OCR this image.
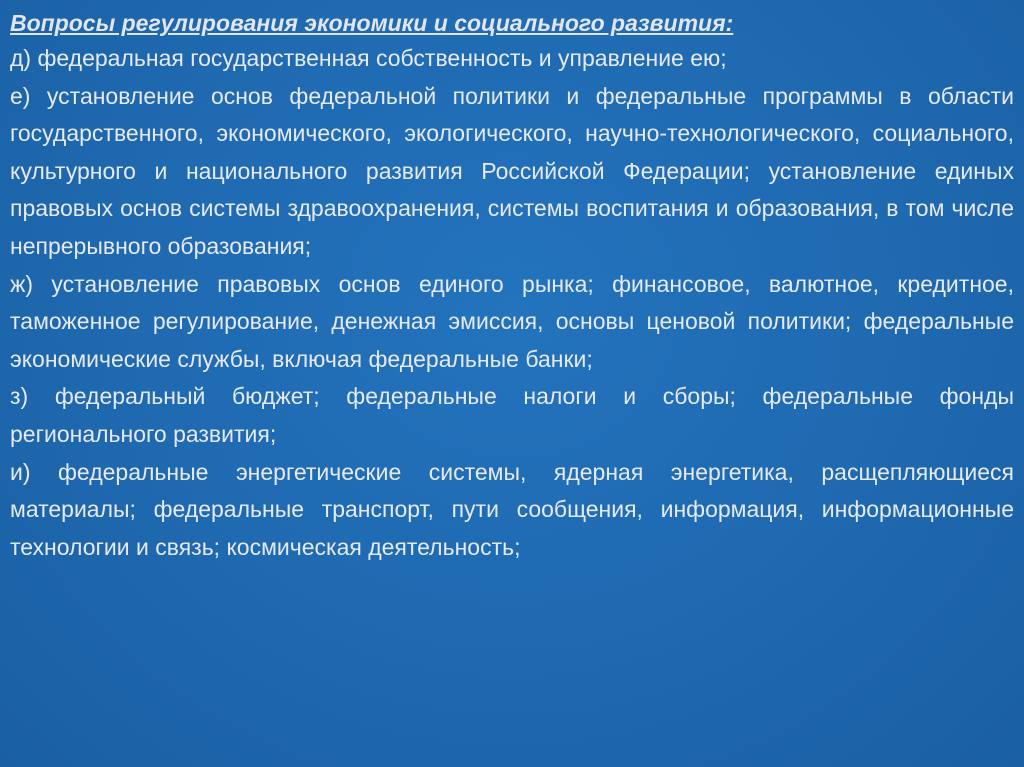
Вопросы регулирования экономики и социального развития:

д) федеральная государственная собственность и управление ею;

е) установление основ федеральной политики и федеральные программы в области государственного, экономического, экологического, научно-технологического, социального, культурного и национального развития Российской Федерации; установление единых правовых основ системы здравоохранения, системы воспитания и образования, в том числе непрерывного образования;

ж) установление правовых основ единого рынка; финансовое, валютное, кредитное, таможенное регулирование, денежная эмиссия, основы ценовой политики; федеральные экономические службы, включая федеральные банки;

з) федеральный бюджет; федеральные налоги и сборы; федеральные фонды регионального развития;

и) федеральные энергетические системы, ядерная энергетика, расщепляющиеся материалы; федеральные транспорт, пути сообщения, информация, информационные технологии и связь; космическая деятельность;
